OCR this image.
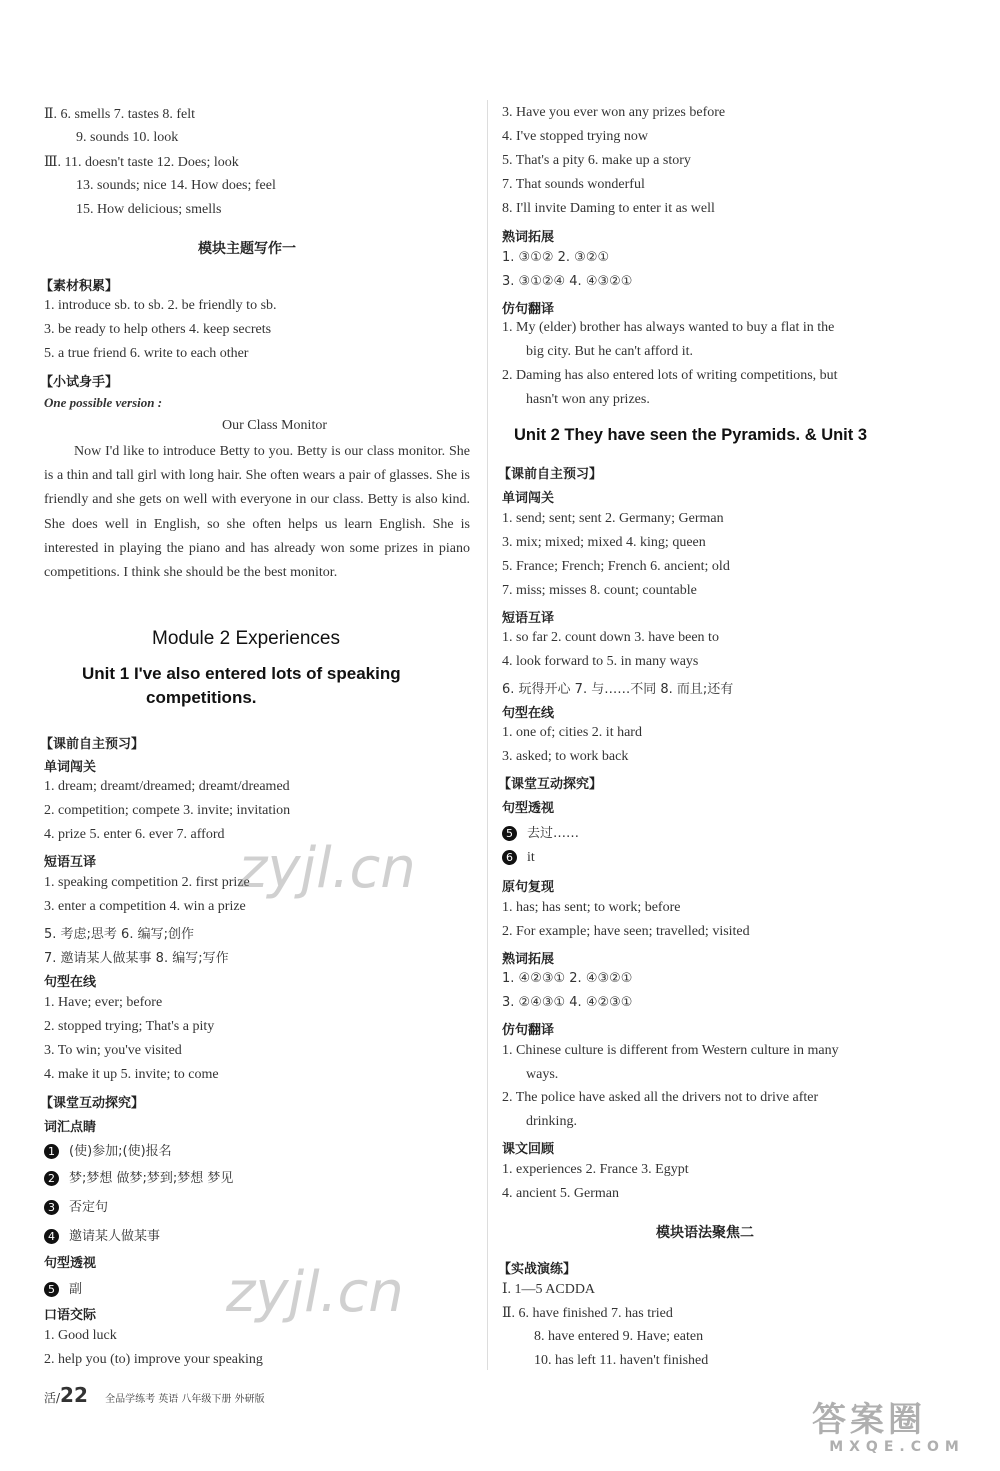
Ⅱ. 6. smells 7. tastes 8. felt
9. sounds 10. look
Ⅲ. 11. doesn't taste 12. Does; look
13. sounds; nice 14. How does; feel
15. How delicious; smells
模块主题写作一
【素材积累】
1. introduce sb. to sb. 2. be friendly to sb.
3. be ready to help others 4. keep secrets
5. a true friend 6. write to each other
【小试身手】
One possible version :
Our Class Monitor
Now I'd like to introduce Betty to you. Betty is our class monitor. She is a thin and tall girl with long hair. She often wears a pair of glasses. She is friendly and she gets on well with everyone in our class. Betty is also kind. She does well in English, so she often helps us learn English. She is interested in playing the piano and has already won some prizes in piano competitions. I think she should be the best monitor.
Module 2 Experiences
Unit 1 I've also entered lots of speaking
competitions.
【课前自主预习】
单词闯关
1. dream; dreamt/dreamed; dreamt/dreamed
2. competition; compete 3. invite; invitation
4. prize 5. enter 6. ever 7. afford
短语互译
1. speaking competition 2. first prize
3. enter a competition 4. win a prize
5. 考虑;思考 6. 编写;创作
7. 邀请某人做某事 8. 编写;写作
句型在线
1. Have; ever; before
2. stopped trying; That's a pity
3. To win; you've visited
4. make it up 5. invite; to come
【课堂互动探究】
词汇点睛
1 (使)参加;(使)报名
2 梦;梦想 做梦;梦到;梦想 梦见
3 否定句
4 邀请某人做某事
句型透视
5 副
口语交际
1. Good luck
2. help you (to) improve your speaking
3. Have you ever won any prizes before
4. I've stopped trying now
5. That's a pity 6. make up a story
7. That sounds wonderful
8. I'll invite Daming to enter it as well
熟词拓展
1. ③①② 2. ③②①
3. ③①②④ 4. ④③②①
仿句翻译
1. My (elder) brother has always wanted to buy a flat in the
big city. But he can't afford it.
2. Daming has also entered lots of writing competitions, but
hasn't won any prizes.
Unit 2 They have seen the Pyramids. & Unit 3
【课前自主预习】
单词闯关
1. send; sent; sent 2. Germany; German
3. mix; mixed; mixed 4. king; queen
5. France; French; French 6. ancient; old
7. miss; misses 8. count; countable
短语互译
1. so far 2. count down 3. have been to
4. look forward to 5. in many ways
6. 玩得开心 7. 与……不同 8. 而且;还有
句型在线
1. one of; cities 2. it hard
3. asked; to work back
【课堂互动探究】
句型透视
5 去过……
6 it
原句复现
1. has; has sent; to work; before
2. For example; have seen; travelled; visited
熟词拓展
1. ④②③① 2. ④③②①
3. ②④③① 4. ④②③①
仿句翻译
1. Chinese culture is different from Western culture in many
ways.
2. The police have asked all the drivers not to drive after
drinking.
课文回顾
1. experiences 2. France 3. Egypt
4. ancient 5. German
模块语法聚焦二
【实战演练】
Ⅰ. 1—5 ACDDA
Ⅱ. 6. have finished 7. has tried
8. have entered 9. Have; eaten
10. has left 11. haven't finished
zyjl.cn
zyjl.cn
活/22 全品学练考 英语 八年级下册 外研版
答案圈
MXQE.COM
